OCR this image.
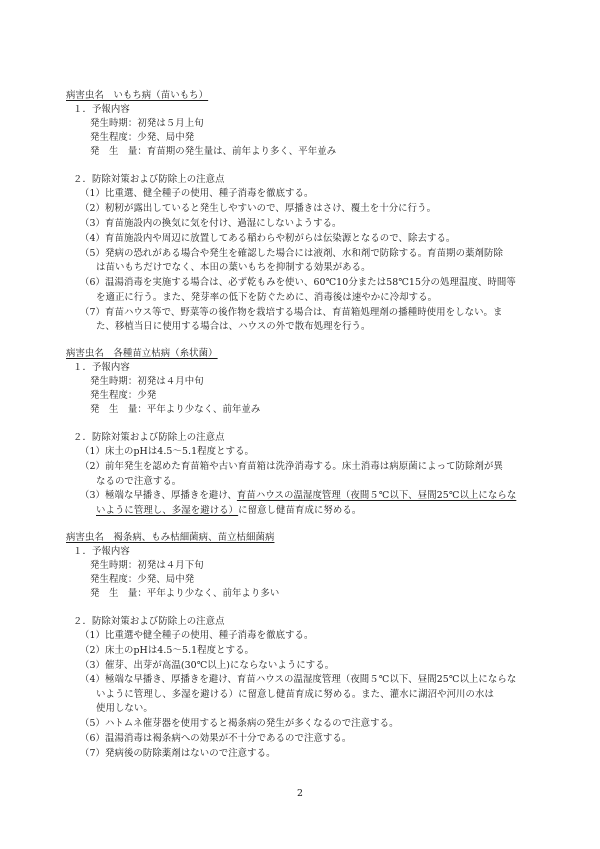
病害虫名　いもち病（苗いもち）
１．予報内容
発生時期：初発は５月上旬
発生程度：少発、局中発
発　生　量：育苗期の発生量は、前年より多く、平年並み
２．防除対策および防除上の注意点
（1）比重選、健全種子の使用、種子消毒を徹底する。
（2）籾籾が露出していると発生しやすいので、厚播きはさけ、覆土を十分に行う。
（3）育苗施設内の換気に気を付け、過湿にしないようする。
（4）育苗施設内や周辺に放置してある稲わらや籾がらは伝染源となるので、除去する。
（5）発病の恐れがある場合や発生を確認した場合には液剤、水和剤で防除する。育苗期の薬剤防除
は苗いもちだけでなく、本田の葉いもちを抑制する効果がある。
（6）温湯消毒を実施する場合は、必ず乾もみを使い、60℃10分または58℃15分の処理温度、時間等
を適正に行う。また、発芽率の低下を防ぐために、消毒後は速やかに冷却する。
（7）育苗ハウス等で、野菜等の後作物を栽培する場合は、育苗箱処理剤の播種時使用をしない。ま
た、移植当日に使用する場合は、ハウスの外で散布処理を行う。
病害虫名　各種苗立枯病（糸状菌）
１．予報内容
発生時期：初発は４月中旬
発生程度：少発
発　生　量：平年より少なく、前年並み
２．防除対策および防除上の注意点
（1）床土のpHは4.5～5.1程度とする。
（2）前年発生を認めた育苗箱や古い育苗箱は洗浄消毒する。床土消毒は病原菌によって防除剤が異
なるので注意する。
（3）極端な早播き、厚播きを避け、育苗ハウスの温湿度管理（夜間５℃以下、昼間25℃以上にならな
いように管理し、多湿を避ける）に留意し健苗育成に努める。
病害虫名　褐条病、もみ枯細菌病、苗立枯細菌病
１．予報内容
発生時期：初発は４月下旬
発生程度：少発、局中発
発　生　量：平年より少なく、前年より多い
２．防除対策および防除上の注意点
（1）比重選や健全種子の使用、種子消毒を徹底する。
（2）床土のpHは4.5～5.1程度とする。
（3）催芽、出芽が高温(30℃以上)にならないようにする。
（4）極端な早播き、厚播きを避け、育苗ハウスの温湿度管理（夜間５℃以下、昼間25℃以上にならな
いように管理し、多湿を避ける）に留意し健苗育成に努める。また、灌水に湖沼や河川の水は
使用しない。
（5）ハトムネ催芽器を使用すると褐条病の発生が多くなるので注意する。
（6）温湯消毒は褐条病への効果が不十分であるので注意する。
（7）発病後の防除薬剤はないので注意する。
2
